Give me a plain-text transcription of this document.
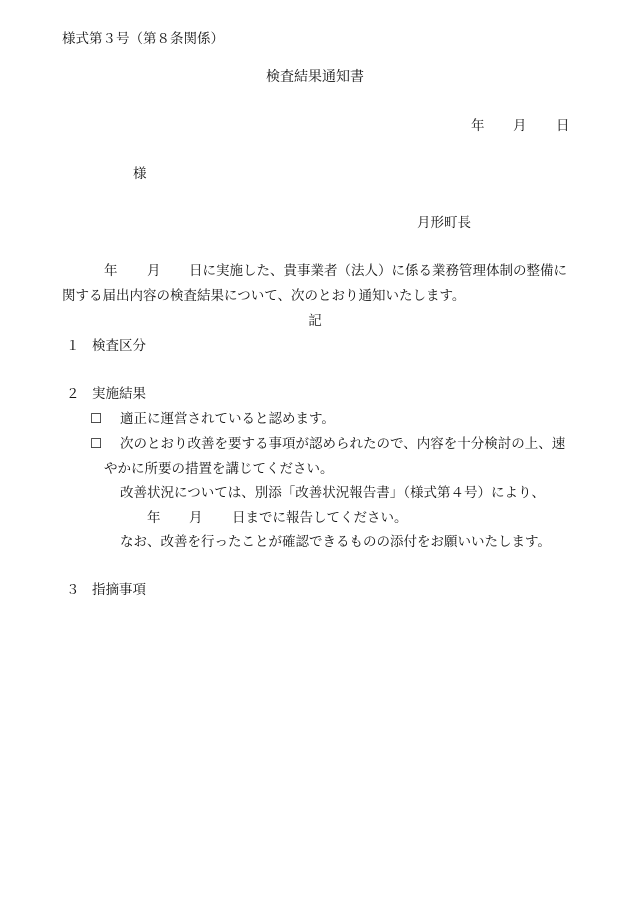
様式第３号（第８条関係）
検査結果通知書
年 月 日
様
月形町長
年 月 日に実施した、貴事業者（法人）に係る業務管理体制の整備に
関する届出内容の検査結果について、次のとおり通知いたします。
記
１ 検査区分
２ 実施結果
☐ 適正に運営されていると認めます。
☐ 次のとおり改善を要する事項が認められたので、内容を十分検討の上、速
やかに所要の措置を講じてください。
改善状況については、別添「改善状況報告書」（様式第４号）により、
年 月 日までに報告してください。
なお、改善を行ったことが確認できるものの添付をお願いいたします。
３ 指摘事項
